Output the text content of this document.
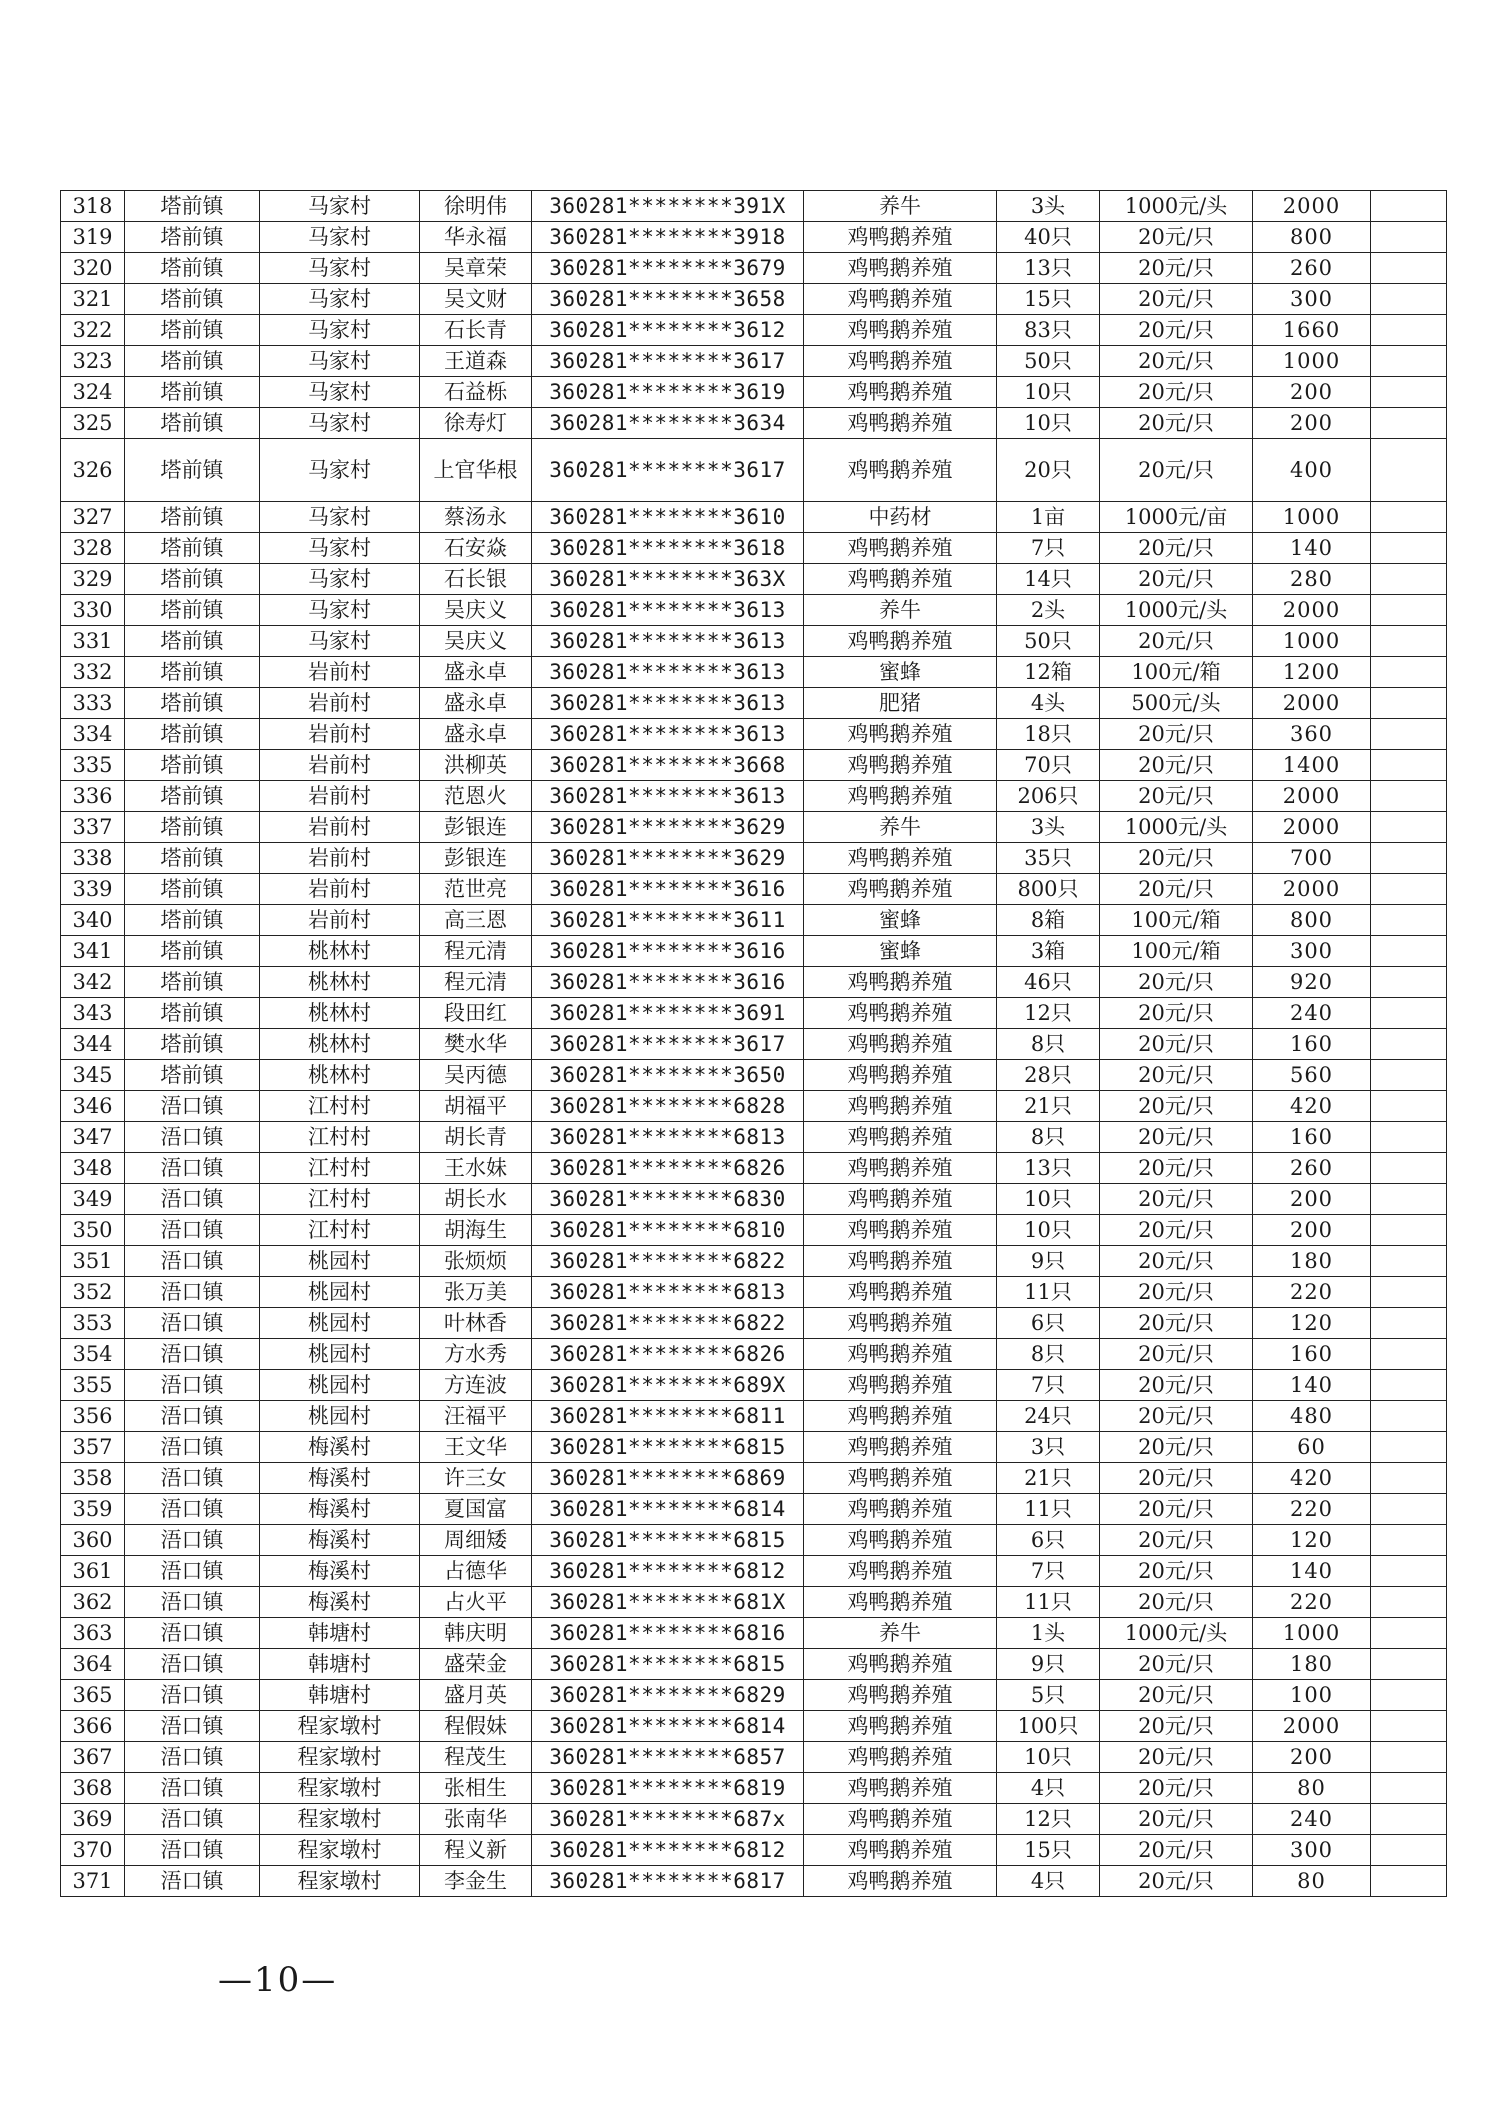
318	塔前镇	马家村	徐明伟	360281********391X	养牛	3头	1000元/头	2000	
319	塔前镇	马家村	华永福	360281********3918	鸡鸭鹅养殖	40只	20元/只	800	
320	塔前镇	马家村	吴章荣	360281********3679	鸡鸭鹅养殖	13只	20元/只	260	
321	塔前镇	马家村	吴文财	360281********3658	鸡鸭鹅养殖	15只	20元/只	300	
322	塔前镇	马家村	石长青	360281********3612	鸡鸭鹅养殖	83只	20元/只	1660	
323	塔前镇	马家村	王道森	360281********3617	鸡鸭鹅养殖	50只	20元/只	1000	
324	塔前镇	马家村	石益栎	360281********3619	鸡鸭鹅养殖	10只	20元/只	200	
325	塔前镇	马家村	徐寿灯	360281********3634	鸡鸭鹅养殖	10只	20元/只	200	
326	塔前镇	马家村	上官华根	360281********3617	鸡鸭鹅养殖	20只	20元/只	400	
327	塔前镇	马家村	蔡汤永	360281********3610	中药材	1亩	1000元/亩	1000	
328	塔前镇	马家村	石安焱	360281********3618	鸡鸭鹅养殖	7只	20元/只	140	
329	塔前镇	马家村	石长银	360281********363X	鸡鸭鹅养殖	14只	20元/只	280	
330	塔前镇	马家村	吴庆义	360281********3613	养牛	2头	1000元/头	2000	
331	塔前镇	马家村	吴庆义	360281********3613	鸡鸭鹅养殖	50只	20元/只	1000	
332	塔前镇	岩前村	盛永卓	360281********3613	蜜蜂	12箱	100元/箱	1200	
333	塔前镇	岩前村	盛永卓	360281********3613	肥猪	4头	500元/头	2000	
334	塔前镇	岩前村	盛永卓	360281********3613	鸡鸭鹅养殖	18只	20元/只	360	
335	塔前镇	岩前村	洪柳英	360281********3668	鸡鸭鹅养殖	70只	20元/只	1400	
336	塔前镇	岩前村	范恩火	360281********3613	鸡鸭鹅养殖	206只	20元/只	2000	
337	塔前镇	岩前村	彭银连	360281********3629	养牛	3头	1000元/头	2000	
338	塔前镇	岩前村	彭银连	360281********3629	鸡鸭鹅养殖	35只	20元/只	700	
339	塔前镇	岩前村	范世亮	360281********3616	鸡鸭鹅养殖	800只	20元/只	2000	
340	塔前镇	岩前村	高三恩	360281********3611	蜜蜂	8箱	100元/箱	800	
341	塔前镇	桃林村	程元清	360281********3616	蜜蜂	3箱	100元/箱	300	
342	塔前镇	桃林村	程元清	360281********3616	鸡鸭鹅养殖	46只	20元/只	920	
343	塔前镇	桃林村	段田红	360281********3691	鸡鸭鹅养殖	12只	20元/只	240	
344	塔前镇	桃林村	樊水华	360281********3617	鸡鸭鹅养殖	8只	20元/只	160	
345	塔前镇	桃林村	吴丙德	360281********3650	鸡鸭鹅养殖	28只	20元/只	560	
346	浯口镇	江村村	胡福平	360281********6828	鸡鸭鹅养殖	21只	20元/只	420	
347	浯口镇	江村村	胡长青	360281********6813	鸡鸭鹅养殖	8只	20元/只	160	
348	浯口镇	江村村	王水妹	360281********6826	鸡鸭鹅养殖	13只	20元/只	260	
349	浯口镇	江村村	胡长水	360281********6830	鸡鸭鹅养殖	10只	20元/只	200	
350	浯口镇	江村村	胡海生	360281********6810	鸡鸭鹅养殖	10只	20元/只	200	
351	浯口镇	桃园村	张烦烦	360281********6822	鸡鸭鹅养殖	9只	20元/只	180	
352	浯口镇	桃园村	张万美	360281********6813	鸡鸭鹅养殖	11只	20元/只	220	
353	浯口镇	桃园村	叶林香	360281********6822	鸡鸭鹅养殖	6只	20元/只	120	
354	浯口镇	桃园村	方水秀	360281********6826	鸡鸭鹅养殖	8只	20元/只	160	
355	浯口镇	桃园村	方连波	360281********689X	鸡鸭鹅养殖	7只	20元/只	140	
356	浯口镇	桃园村	汪福平	360281********6811	鸡鸭鹅养殖	24只	20元/只	480	
357	浯口镇	梅溪村	王文华	360281********6815	鸡鸭鹅养殖	3只	20元/只	60	
358	浯口镇	梅溪村	许三女	360281********6869	鸡鸭鹅养殖	21只	20元/只	420	
359	浯口镇	梅溪村	夏国富	360281********6814	鸡鸭鹅养殖	11只	20元/只	220	
360	浯口镇	梅溪村	周细矮	360281********6815	鸡鸭鹅养殖	6只	20元/只	120	
361	浯口镇	梅溪村	占德华	360281********6812	鸡鸭鹅养殖	7只	20元/只	140	
362	浯口镇	梅溪村	占火平	360281********681X	鸡鸭鹅养殖	11只	20元/只	220	
363	浯口镇	韩塘村	韩庆明	360281********6816	养牛	1头	1000元/头	1000	
364	浯口镇	韩塘村	盛荣金	360281********6815	鸡鸭鹅养殖	9只	20元/只	180	
365	浯口镇	韩塘村	盛月英	360281********6829	鸡鸭鹅养殖	5只	20元/只	100	
366	浯口镇	程家墩村	程假妹	360281********6814	鸡鸭鹅养殖	100只	20元/只	2000	
367	浯口镇	程家墩村	程茂生	360281********6857	鸡鸭鹅养殖	10只	20元/只	200	
368	浯口镇	程家墩村	张相生	360281********6819	鸡鸭鹅养殖	4只	20元/只	80	
369	浯口镇	程家墩村	张南华	360281********687x	鸡鸭鹅养殖	12只	20元/只	240	
370	浯口镇	程家墩村	程义新	360281********6812	鸡鸭鹅养殖	15只	20元/只	300	
371	浯口镇	程家墩村	李金生	360281********6817	鸡鸭鹅养殖	4只	20元/只	80	
—10—
